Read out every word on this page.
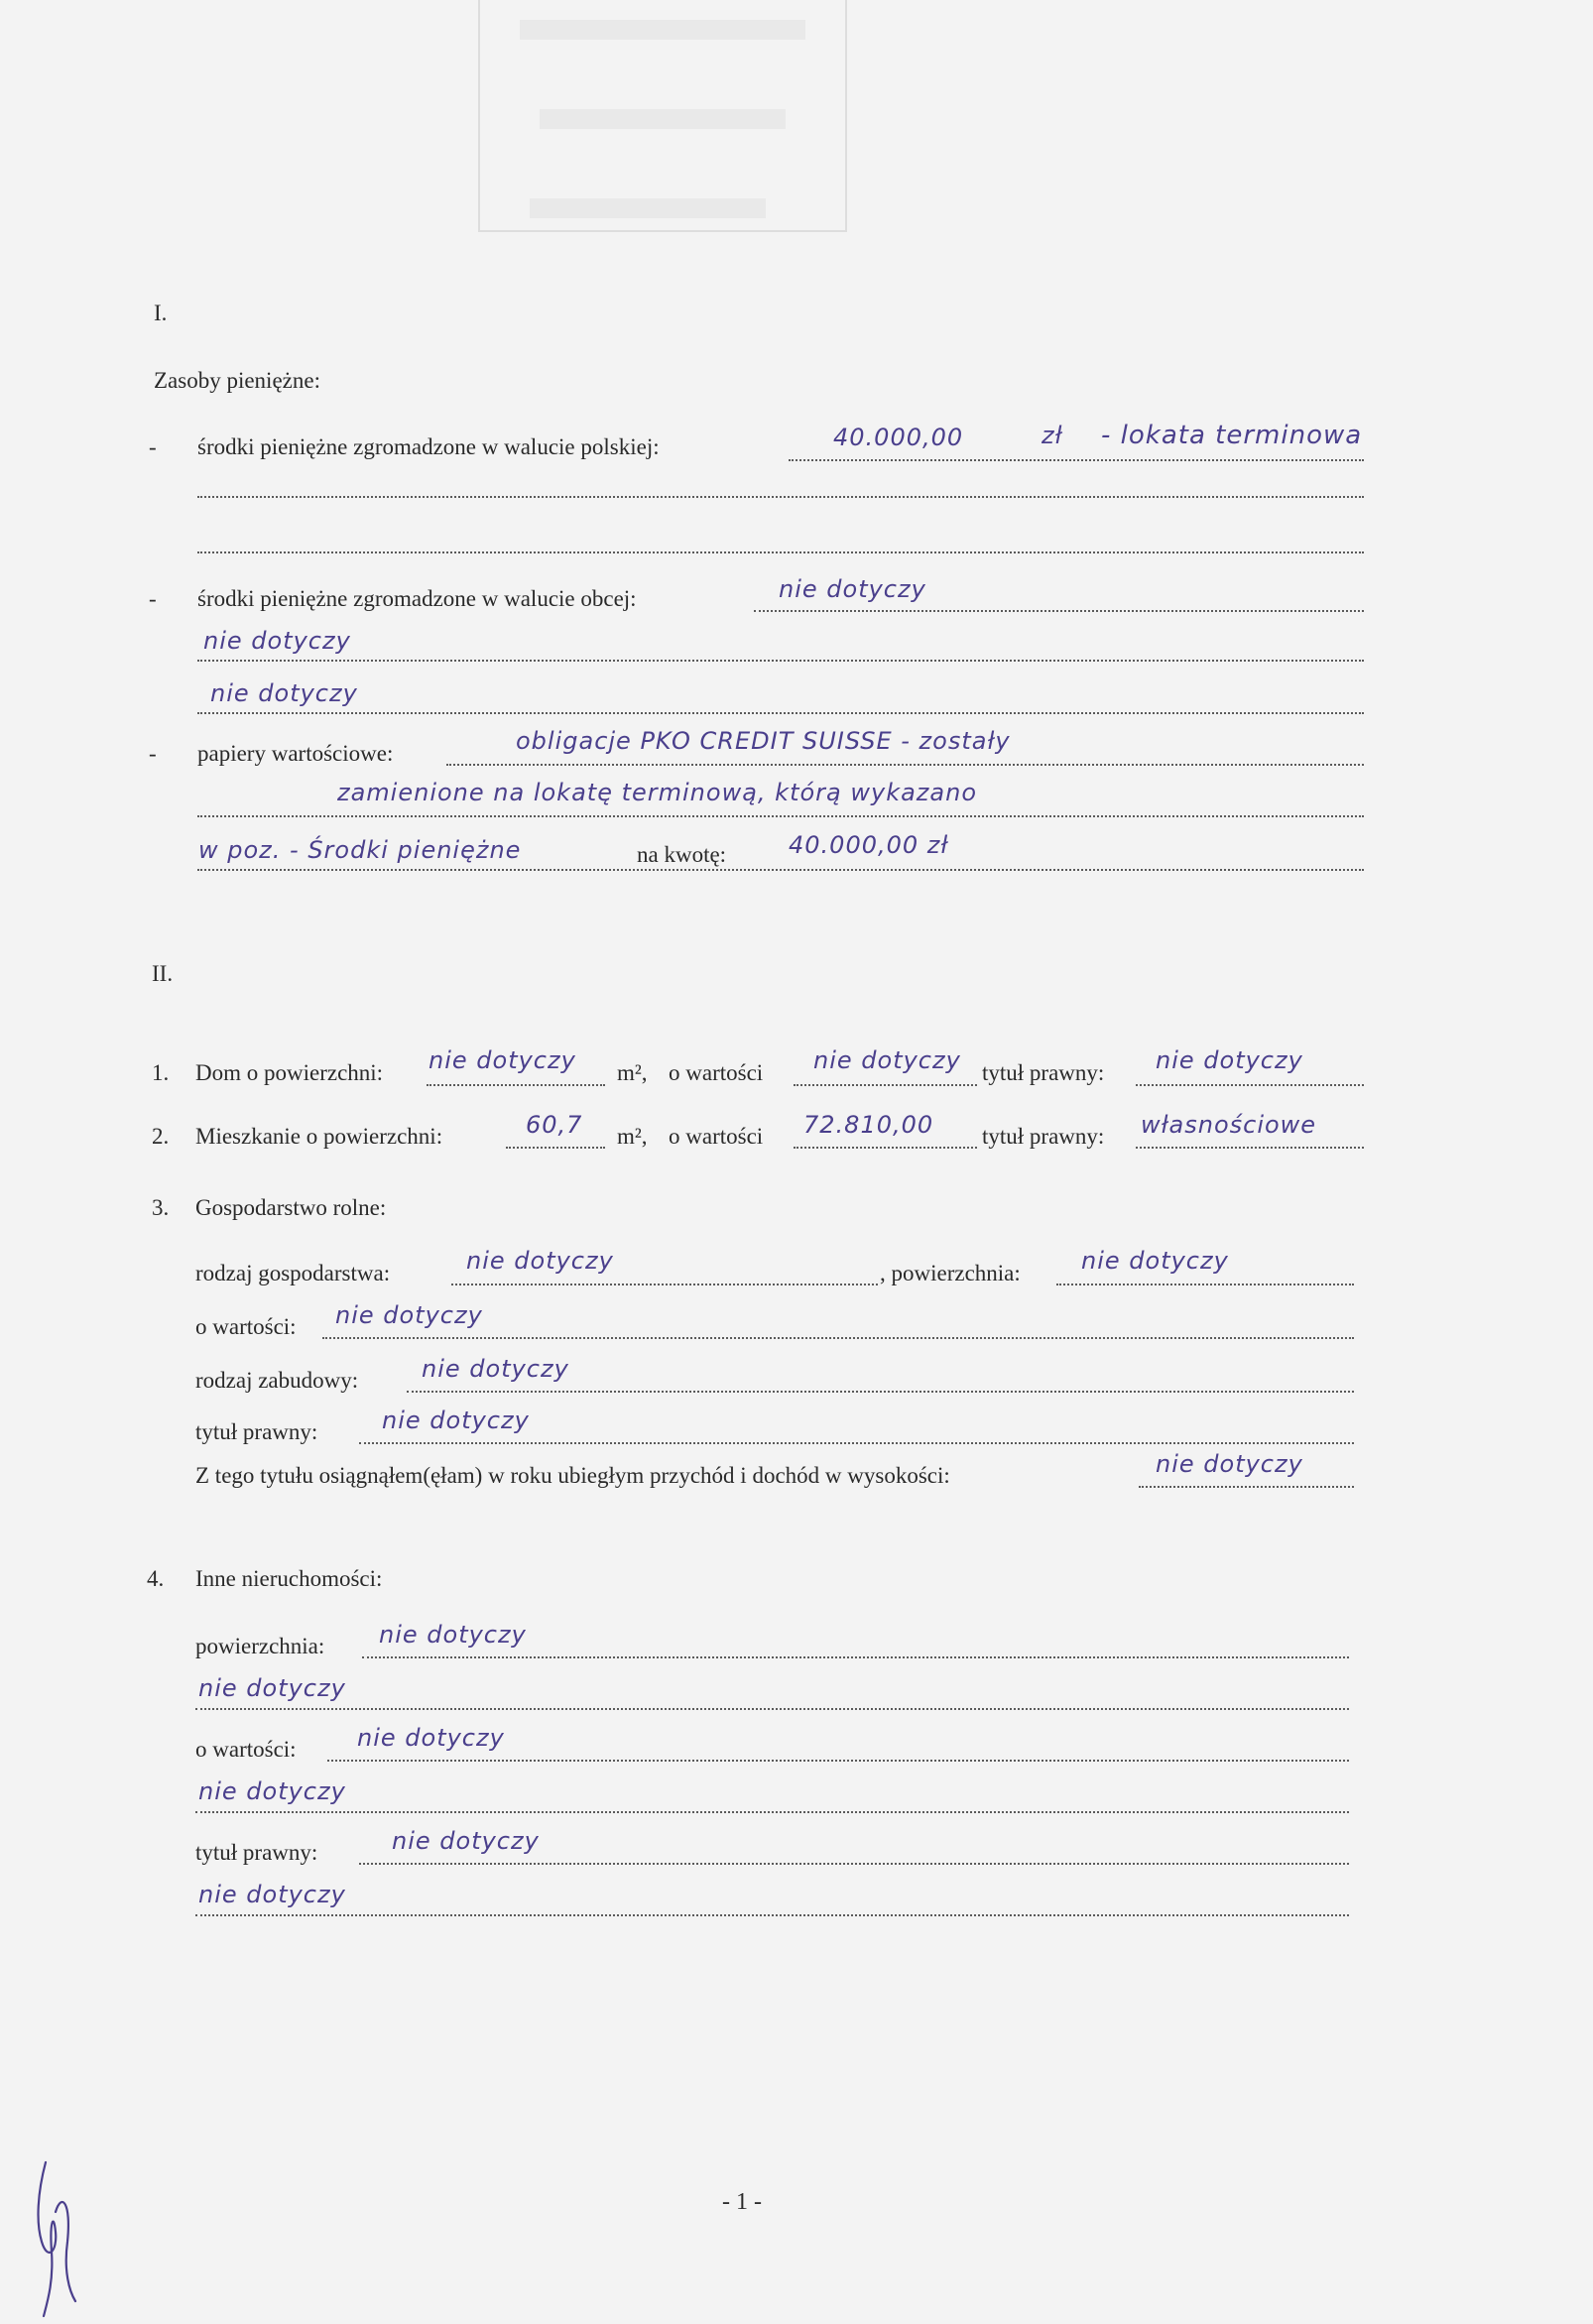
I.
Zasoby pieniężne:
- środki pieniężne zgromadzone w walucie polskiej:	40.000,00	zł - lokata terminowa
- środki pieniężne zgromadzone w walucie obcej:	nie dotyczy
nie dotyczy
nie dotyczy
- papiery wartościowe:	obligacje PKO CREDIT SUISSE - zostały
zamienione na lokatę terminową, którą wykazano
w poz. - Środki pieniężne	na kwotę:	40.000,00 zł
II.
1. Dom o powierzchni: nie dotyczy m², o wartości nie dotyczy tytuł prawny: nie dotyczy
2. Mieszkanie o powierzchni:	60,7 m², o wartości 72.810,00 tytuł prawny: własnościowe
3. Gospodarstwo rolne:
rodzaj gospodarstwa:	nie dotyczy	, powierzchnia:	nie dotyczy
o wartości: nie dotyczy
rodzaj zabudowy:	nie dotyczy
tytuł prawny:	nie dotyczy
Z tego tytułu osiągnąłem(ęłam) w roku ubiegłym przychód i dochód w wysokości:	nie dotyczy
4. Inne nieruchomości:
powierzchnia: nie dotyczy
nie dotyczy
o wartości:	nie dotyczy
nie dotyczy
tytuł prawny:	nie dotyczy
nie dotyczy
- 1 -
